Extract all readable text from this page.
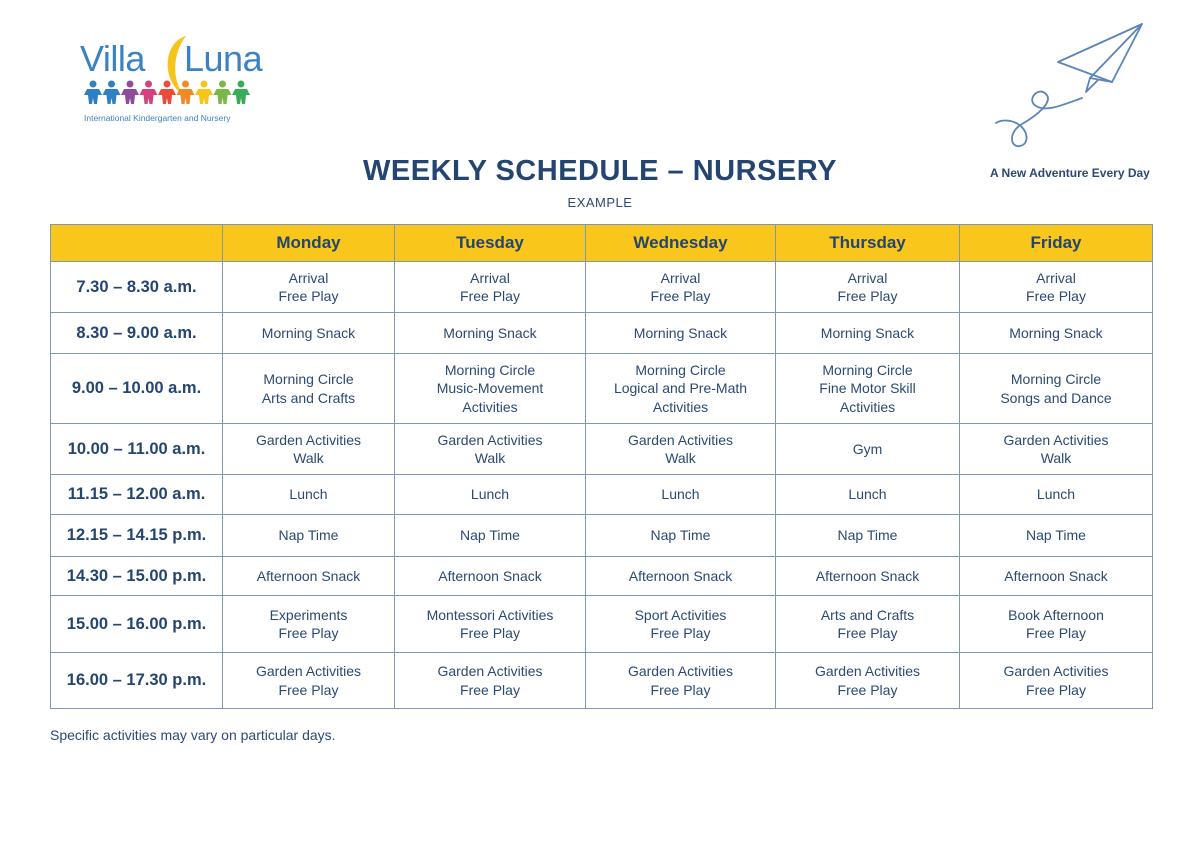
Villa Luna
International Kindergarten and Nursery
A New Adventure Every Day
WEEKLY SCHEDULE – NURSERY
EXAMPLE
	Monday	Tuesday	Wednesday	Thursday	Friday
7.30 – 8.30 a.m.	Arrival
Free Play	Arrival
Free Play	Arrival
Free Play	Arrival
Free Play	Arrival
Free Play
8.30 – 9.00 a.m.	Morning Snack	Morning Snack	Morning Snack	Morning Snack	Morning Snack
9.00 – 10.00 a.m.	Morning Circle
Arts and Crafts	Morning Circle
Music-Movement
Activities	Morning Circle
Logical and Pre-Math
Activities	Morning Circle
Fine Motor Skill
Activities	Morning Circle
Songs and Dance
10.00 – 11.00 a.m.	Garden Activities
Walk	Garden Activities
Walk	Garden Activities
Walk	Gym	Garden Activities
Walk
11.15 – 12.00 a.m.	Lunch	Lunch	Lunch	Lunch	Lunch
12.15 – 14.15 p.m.	Nap Time	Nap Time	Nap Time	Nap Time	Nap Time
14.30 – 15.00 p.m.	Afternoon Snack	Afternoon Snack	Afternoon Snack	Afternoon Snack	Afternoon Snack
15.00 – 16.00 p.m.	Experiments
Free Play	Montessori Activities
Free Play	Sport Activities
Free Play	Arts and Crafts
Free Play	Book Afternoon
Free Play
16.00 – 17.30 p.m.	Garden Activities
Free Play	Garden Activities
Free Play	Garden Activities
Free Play	Garden Activities
Free Play	Garden Activities
Free Play
Specific activities may vary on particular days.
